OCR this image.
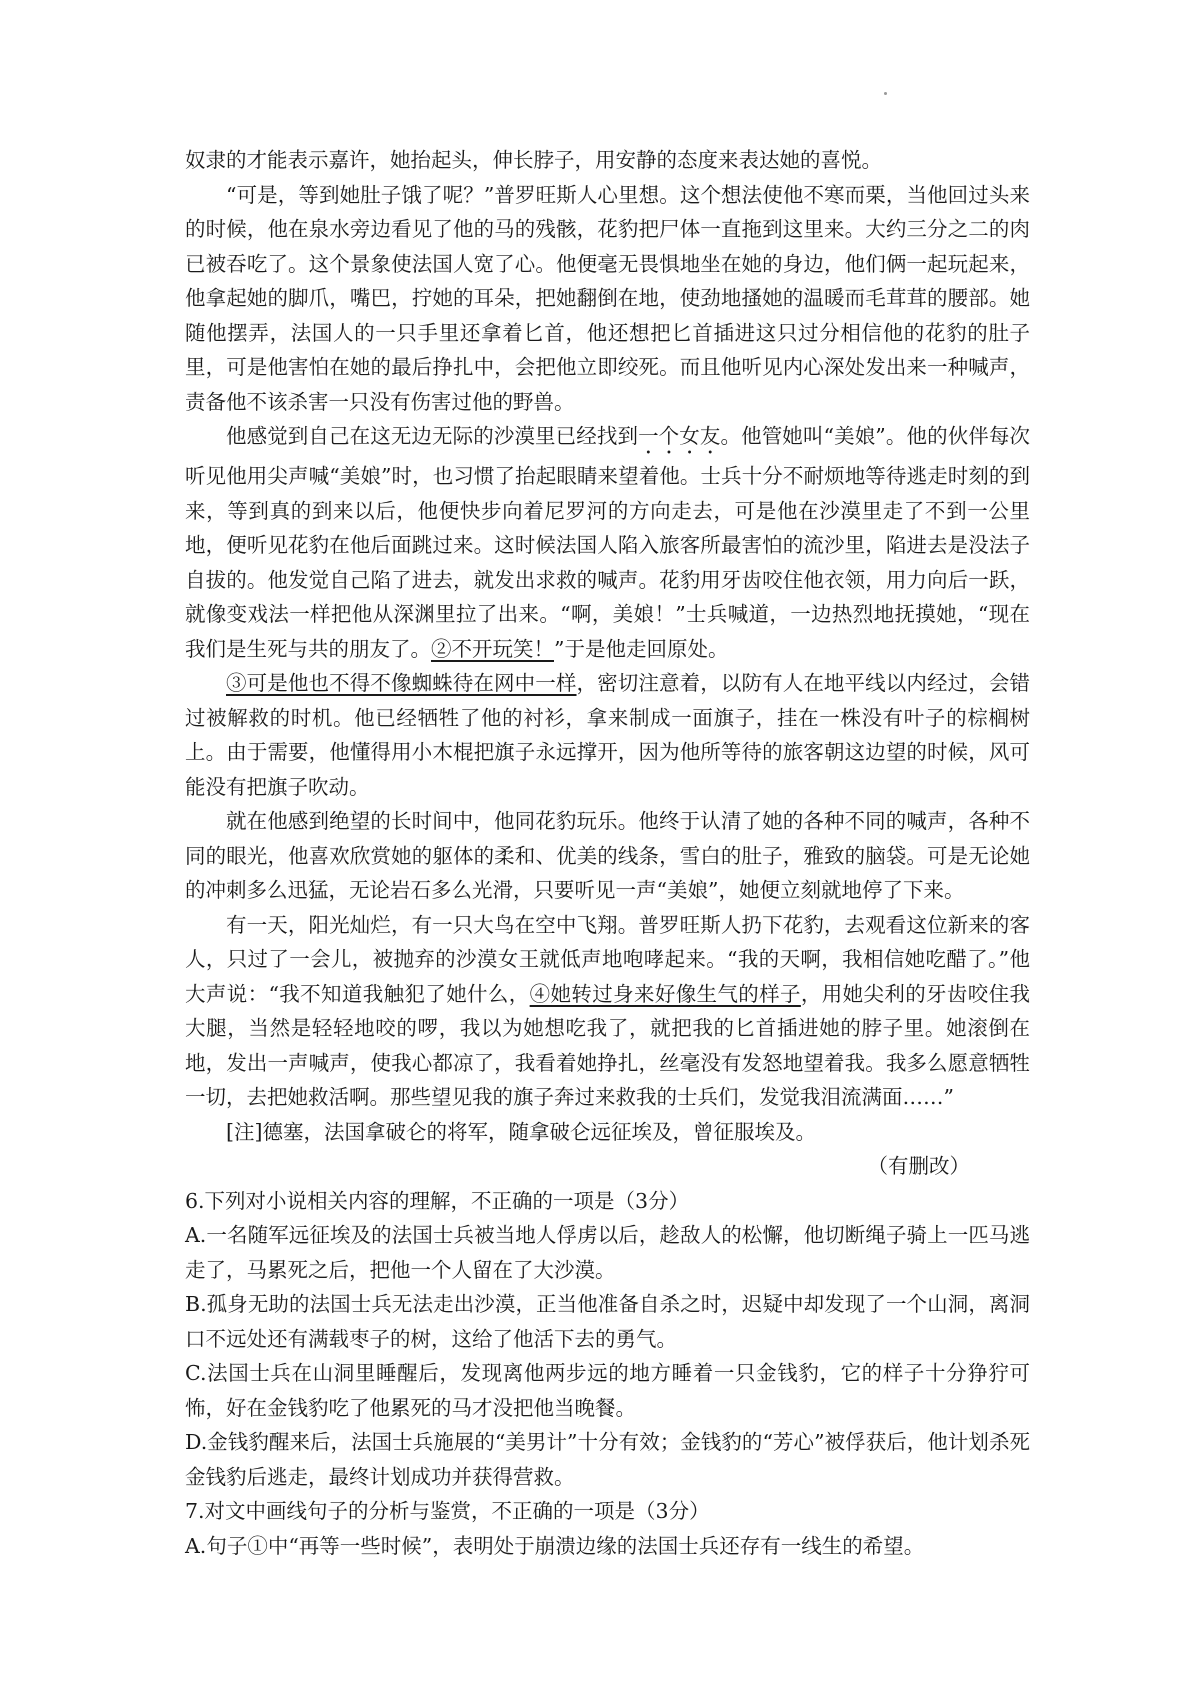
奴隶的才能表示嘉许，她抬起头，伸长脖子，用安静的态度来表达她的喜悦。

“可是，等到她肚子饿了呢？”普罗旺斯人心里想。这个想法使他不寒而栗，当他回过头来的时候，他在泉水旁边看见了他的马的残骸，花豹把尸体一直拖到这里来。大约三分之二的肉已被吞吃了。这个景象使法国人宽了心。他便毫无畏惧地坐在她的身边，他们俩一起玩起来，他拿起她的脚爪，嘴巴，拧她的耳朵，把她翻倒在地，使劲地搔她的温暖而毛茸茸的腰部。她随他摆弄，法国人的一只手里还拿着匕首，他还想把匕首插进这只过分相信他的花豹的肚子里，可是他害怕在她的最后挣扎中，会把他立即绞死。而且他听见内心深处发出来一种喊声，责备他不该杀害一只没有伤害过他的野兽。

他感觉到自己在这无边无际的沙漠里已经找到一个女友。他管她叫“美娘”。他的伙伴每次听见他用尖声喊“美娘”时，也习惯了抬起眼睛来望着他。士兵十分不耐烦地等待逃走时刻的到来，等到真的到来以后，他便快步向着尼罗河的方向走去，可是他在沙漠里走了不到一公里地，便听见花豹在他后面跳过来。这时候法国人陷入旅客所最害怕的流沙里，陷进去是没法子自拔的。他发觉自己陷了进去，就发出求救的喊声。花豹用牙齿咬住他衣领，用力向后一跃，就像变戏法一样把他从深渊里拉了出来。“啊，美娘！”士兵喊道，一边热烈地抚摸她，“现在我们是生死与共的朋友了。②不开玩笑！”于是他走回原处。

③可是他也不得不像蜘蛛待在网中一样，密切注意着，以防有人在地平线以内经过，会错过被解救的时机。他已经牺牲了他的衬衫，拿来制成一面旗子，挂在一株没有叶子的棕榈树上。由于需要，他懂得用小木棍把旗子永远撑开，因为他所等待的旅客朝这边望的时候，风可能没有把旗子吹动。

就在他感到绝望的长时间中，他同花豹玩乐。他终于认清了她的各种不同的喊声，各种不同的眼光，他喜欢欣赏她的躯体的柔和、优美的线条，雪白的肚子，雅致的脑袋。可是无论她的冲刺多么迅猛，无论岩石多么光滑，只要听见一声“美娘”，她便立刻就地停了下来。

有一天，阳光灿烂，有一只大鸟在空中飞翔。普罗旺斯人扔下花豹，去观看这位新来的客人，只过了一会儿，被抛弃的沙漠女王就低声地咆哮起来。“我的天啊，我相信她吃醋了。”他大声说：“我不知道我触犯了她什么，④她转过身来好像生气的样子，用她尖利的牙齿咬住我大腿，当然是轻轻地咬的啰，我以为她想吃我了，就把我的匕首插进她的脖子里。她滚倒在地，发出一声喊声，使我心都凉了，我看着她挣扎，丝毫没有发怒地望着我。我多么愿意牺牲一切，去把她救活啊。那些望见我的旗子奔过来救我的士兵们，发觉我泪流满面……”

[注]德塞，法国拿破仑的将军，随拿破仑远征埃及，曾征服埃及。

（有删改）

6.下列对小说相关内容的理解，不正确的一项是（3分）

A.一名随军远征埃及的法国士兵被当地人俘虏以后，趁敌人的松懈，他切断绳子骑上一匹马逃走了，马累死之后，把他一个人留在了大沙漠。

B.孤身无助的法国士兵无法走出沙漠，正当他准备自杀之时，迟疑中却发现了一个山洞，离洞口不远处还有满载枣子的树，这给了他活下去的勇气。

C.法国士兵在山洞里睡醒后，发现离他两步远的地方睡着一只金钱豹，它的样子十分狰狞可怖，好在金钱豹吃了他累死的马才没把他当晚餐。

D.金钱豹醒来后，法国士兵施展的“美男计”十分有效；金钱豹的“芳心”被俘获后，他计划杀死金钱豹后逃走，最终计划成功并获得营救。

7.对文中画线句子的分析与鉴赏，不正确的一项是（3分）

A.句子①中“再等一些时候”，表明处于崩溃边缘的法国士兵还存有一线生的希望。
